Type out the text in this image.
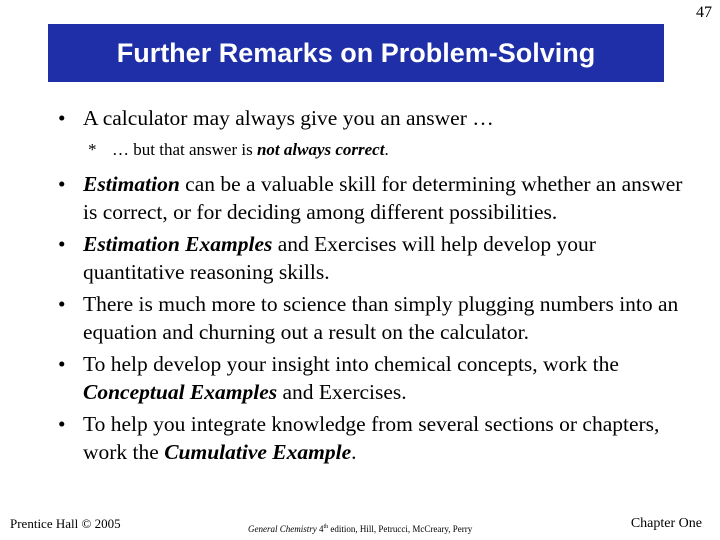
47
Further Remarks on Problem-Solving
• A calculator may always give you an answer …
* … but that answer is not always correct.
• Estimation can be a valuable skill for determining whether an answer is correct, or for deciding among different possibilities.
• Estimation Examples and Exercises will help develop your quantitative reasoning skills.
• There is much more to science than simply plugging numbers into an equation and churning out a result on the calculator.
• To help develop your insight into chemical concepts, work the Conceptual Examples and Exercises.
• To help you integrate knowledge from several sections or chapters, work the Cumulative Example.
Prentice Hall © 2005	General Chemistry 4th edition, Hill, Petrucci, McCreary, Perry	Chapter One
